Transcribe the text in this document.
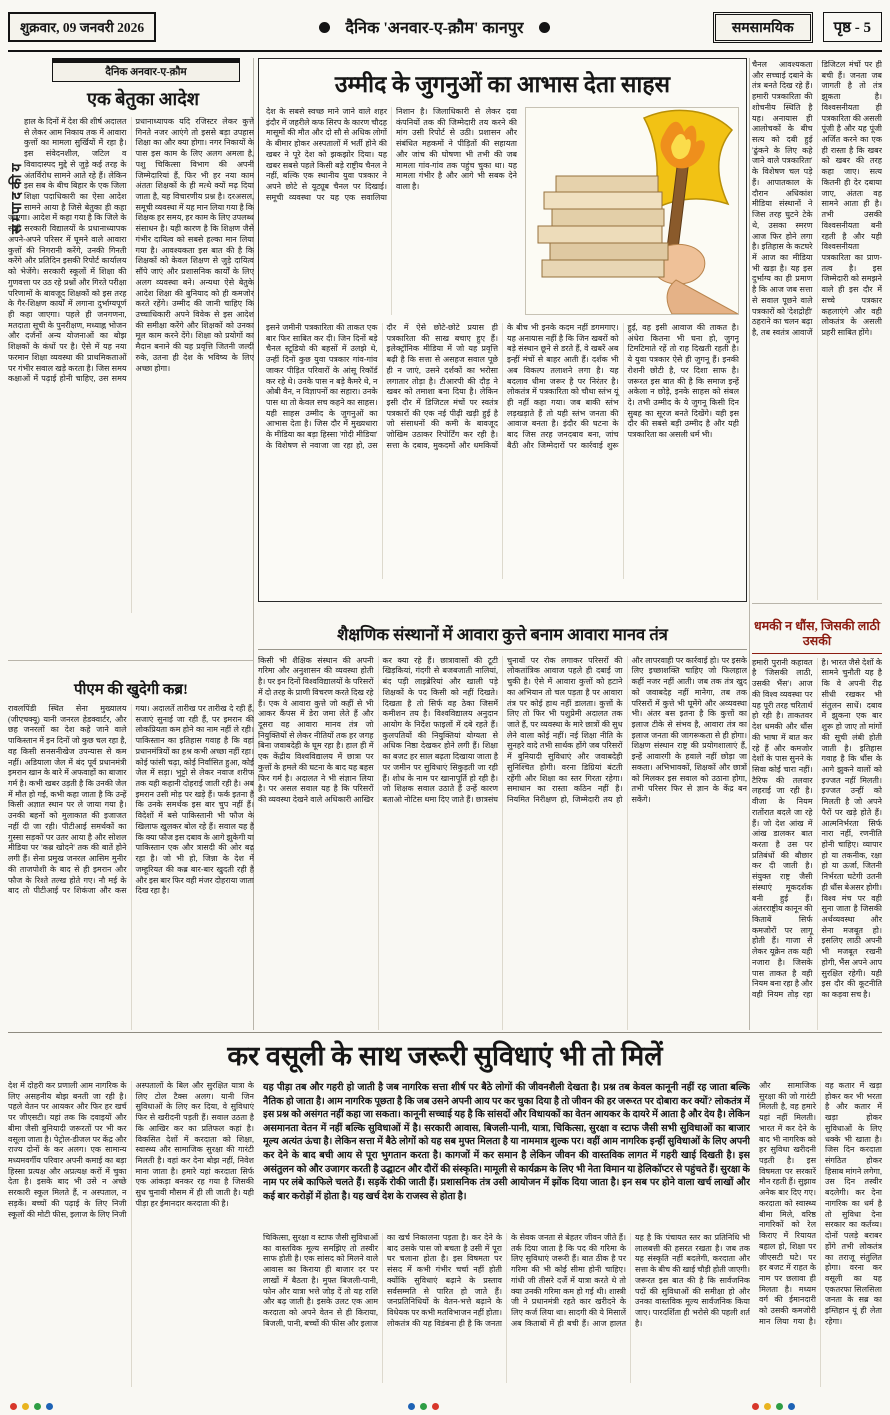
शुक्रवार, 09 जनवरी 2026	दैनिक 'अनवार-ए-क़ौम' कानपुर	समसामयिक	पृष्ठ - 5
सम्पादकीय
दैनिक अनवार-ए-क़ौम
एक बेतुका आदेश
हाल के दिनों में देश की शीर्ष अदालत से लेकर आम निकाय तक में आवारा कुत्तों का मामला सुर्खियों में रहा है। इस संवेदनशील, जटिल व विवादास्पद मुद्दे से जुड़े कई तरह के अंतर्विरोध सामने आते रहे हैं। लेकिन इस सब के बीच बिहार के एक जिला शिक्षा पदाधिकारी का ऐसा आदेश सामने आया है जिसे बेतुका ही कहा जाएगा। आदेश में कहा गया है कि जिले के सभी सरकारी विद्यालयों के प्रधानाध्यापक अपने-अपने परिसर में घूमने वाले आवारा कुत्तों की निगरानी करेंगे, उनकी गिनती करेंगे और प्रतिदिन इसकी रिपोर्ट कार्यालय को भेजेंगे। सरकारी स्कूलों में शिक्षा की गुणवत्ता पर उठ रहे प्रश्नों और गिरते परीक्षा परिणामों के बावजूद शिक्षकों को इस तरह के गैर-शिक्षण कार्यों में लगाना दुर्भाग्यपूर्ण ही कहा जाएगा। पहले ही जनगणना, मतदाता सूची के पुनरीक्षण, मध्याह्न भोजन और दर्जनों अन्य योजनाओं का बोझ शिक्षकों के कंधों पर है। ऐसे में यह नया फरमान शिक्षा व्यवस्था की प्राथमिकताओं पर गंभीर सवाल खड़े करता है। जिस समय कक्षाओं में पढ़ाई होनी चाहिए, उस समय प्रधानाध्यापक यदि रजिस्टर लेकर कुत्ते गिनते नजर आएंगे तो इससे बड़ा उपहास शिक्षा का और क्या होगा। नगर निकायों के पास इस काम के लिए अलग अमला है, पशु चिकित्सा विभाग की अपनी जिम्मेदारियां हैं, फिर भी हर नया काम अंततः शिक्षकों के ही मत्थे क्यों मढ़ दिया जाता है, यह विचारणीय प्रश्न है। दरअसल, समूची व्यवस्था में यह मान लिया गया है कि शिक्षक हर समय, हर काम के लिए उपलब्ध संसाधन है। यही कारण है कि शिक्षण जैसे गंभीर दायित्व को सबसे हल्का मान लिया गया है। आवश्यकता इस बात की है कि शिक्षकों को केवल शिक्षण से जुड़े दायित्व सौंपे जाएं और प्रशासनिक कार्यों के लिए अलग व्यवस्था बने। अन्यथा ऐसे बेतुके आदेश शिक्षा की बुनियाद को ही कमजोर करते रहेंगे। उम्मीद की जानी चाहिए कि उच्चाधिकारी अपने विवेक से इस आदेश की समीक्षा करेंगे और शिक्षकों को उनका मूल काम करने देंगे। शिक्षा को प्रयोगों का मैदान बनाने की यह प्रवृत्ति जितनी जल्दी रुके, उतना ही देश के भविष्य के लिए अच्छा होगा।
उम्मीद के जुगनुओं का आभास देता साहस
देश के सबसे स्वच्छ माने जाने वाले शहर इंदौर में जहरीले कफ सिरप के कारण चौदह मासूमों की मौत और दो सौ से अधिक लोगों के बीमार होकर अस्पतालों में भर्ती होने की खबर ने पूरे देश को झकझोर दिया। यह खबर सबसे पहले किसी बड़े राष्ट्रीय चैनल ने नहीं, बल्कि एक स्थानीय युवा पत्रकार ने अपने छोटे से यूट्यूब चैनल पर दिखाई। समूची व्यवस्था पर यह एक सवालिया निशान है। जिलाधिकारी से लेकर दवा कंपनियों तक की जिम्मेदारी तय करने की मांग उसी रिपोर्ट से उठी। प्रशासन और संबंधित महकमों ने पीड़ितों की सहायता और जांच की घोषणा भी तभी की जब मामला गांव-गांव तक पहुंच चुका था। यह मामला गंभीर है और आगे भी सबक देने वाला है।
इसने जमीनी पत्रकारिता की ताकत एक बार फिर साबित कर दी। जिन दिनों बड़े चैनल स्टूडियो की बहसों में उलझे थे, उन्हीं दिनों कुछ युवा पत्रकार गांव-गांव जाकर पीड़ित परिवारों के आंसू रिकॉर्ड कर रहे थे। उनके पास न बड़े कैमरे थे, न ओबी वैन, न विज्ञापनों का सहारा। उनके पास था तो केवल सच कहने का साहस। यही साहस उम्मीद के जुगनुओं का आभास देता है। जिस दौर में मुख्यधारा के मीडिया का बड़ा हिस्सा 'गोदी मीडिया' के विशेषण से नवाजा जा रहा हो, उस दौर में ऐसे छोटे-छोटे प्रयास ही पत्रकारिता की साख बचाए हुए हैं। इलेक्ट्रॉनिक मीडिया में जो यह प्रवृत्ति बढ़ी है कि सत्ता से असहज सवाल पूछे ही न जाएं, उसने दर्शकों का भरोसा लगातार तोड़ा है। टीआरपी की दौड़ ने खबर को तमाशा बना दिया है। लेकिन इसी दौर में डिजिटल मंचों पर स्वतंत्र पत्रकारों की एक नई पीढ़ी खड़ी हुई है जो संसाधनों की कमी के बावजूद जोखिम उठाकर रिपोर्टिंग कर रही है। सत्ता के दबाव, मुकदमों और धमकियों के बीच भी इनके कदम नहीं डगमगाए। यह अनायास नहीं है कि जिन खबरों को बड़े संस्थान छूने से डरते हैं, वे खबरें अब इन्हीं मंचों से बाहर आती हैं। दर्शक भी अब विकल्प तलाशने लगा है। यह बदलाव धीमा जरूर है पर निरंतर है। लोकतंत्र में पत्रकारिता को चौथा स्तंभ यूं ही नहीं कहा गया। जब बाकी स्तंभ लड़खड़ाते हैं तो यही स्तंभ जनता की आवाज बनता है। इंदौर की घटना के बाद जिस तरह जनदबाव बना, जांच बैठी और जिम्मेदारों पर कार्रवाई शुरू हुई, वह इसी आवाज की ताकत है। अंधेरा कितना भी घना हो, जुगनू टिमटिमाते रहें तो राह दिखती रहती है। ये युवा पत्रकार ऐसे ही जुगनू हैं। इनकी रोशनी छोटी है, पर दिशा साफ है। जरूरत इस बात की है कि समाज इन्हें अकेला न छोड़े, इनके साहस को संबल दे। तभी उम्मीद के ये जुगनू किसी दिन सुबह का सूरज बनते दिखेंगे। यही इस दौर की सबसे बड़ी उम्मीद है और यही पत्रकारिता का असली धर्म भी।
चैनल आवश्यकता और सच्चाई दबाने के तंत्र बनते दिख रहे हैं। हमारी पत्रकारिता की शोचनीय स्थिति है यह। अनायास ही आलोचकों के बीच सत्य को दबी हुई 'ढुंकने के लिए कहे जाने वाले पत्रकारिता' के विशेषण चल पड़े हैं। आपातकाल के दौरान अधिकांश मीडिया संस्थानों ने जिस तरह घुटने टेके थे, उसका स्मरण आज फिर होने लगा है। इतिहास के कटघरे में आज का मीडिया भी खड़ा है। यह इस दुर्भाग्य का ही प्रमाण है कि आज जब सत्ता से सवाल पूछने वाले पत्रकारों को 'देशद्रोही' ठहराने का चलन बढ़ा है, तब स्वतंत्र आवाजें डिजिटल मंचों पर ही बची हैं। जनता जब जागती है तो तंत्र झुकता है। विश्वसनीयता ही पत्रकारिता की असली पूंजी है और यह पूंजी अर्जित करने का एक ही रास्ता है कि खबर को खबर की तरह कहा जाए। सत्य कितनी ही देर दबाया जाए, अंततः वह सामने आता ही है। तभी उसकी विश्वसनीयता बनी रहती है और यही विश्वसनीयता पत्रकारिता का प्राण-तत्व है। इस जिम्मेदारी को समझने वाले ही इस दौर में सच्चे पत्रकार कहलाएंगे और वही लोकतंत्र के असली प्रहरी साबित होंगे।
धमकी न धौंस, जिसकी लाठी उसकी
हमारी पुरानी कहावत है 'जिसकी लाठी, उसकी भैंस'। आज की विश्व व्यवस्था पर यह पूरी तरह चरितार्थ हो रही है। ताकतवर देश धमकी और धौंस की भाषा में बात कर रहे हैं और कमजोर देशों के पास सुनने के सिवा कोई चारा नहीं। टैरिफ की तलवार लहराई जा रही है। वीजा के नियम रातोंरात बदले जा रहे हैं। जो देश आंख में आंख डालकर बात करता है उस पर प्रतिबंधों की बौछार कर दी जाती है। संयुक्त राष्ट्र जैसी संस्थाएं मूकदर्शक बनी हुई हैं। अंतरराष्ट्रीय कानून की किताबें सिर्फ कमजोरों पर लागू होती हैं। गाजा से लेकर यूक्रेन तक यही नजारा है। जिसके पास ताकत है वही नियम बना रहा है और वही नियम तोड़ रहा है। भारत जैसे देशों के सामने चुनौती यह है कि वे अपनी रीढ़ सीधी रखकर भी संतुलन साधें। दबाव में झुकना एक बार शुरू हो जाए तो मांगों की सूची लंबी होती जाती है। इतिहास गवाह है कि धौंस के आगे झुकने वालों को इज्जत नहीं मिलती। इज्जत उन्हीं को मिलती है जो अपने पैरों पर खड़े होते हैं। आत्मनिर्भरता सिर्फ नारा नहीं, रणनीति होनी चाहिए। व्यापार हो या तकनीक, रक्षा हो या ऊर्जा, जितनी निर्भरता घटेगी उतनी ही धौंस बेअसर होगी। विश्व मंच पर वही सुना जाता है जिसकी अर्थव्यवस्था और सेना मजबूत हो। इसलिए लाठी अपनी भी मजबूत रखनी होगी, भैंस अपने आप सुरक्षित रहेगी। यही इस दौर की कूटनीति का कड़वा सच है।
शैक्षणिक संस्थानों में आवारा कुत्ते बनाम आवारा मानव तंत्र
किसी भी शैक्षिक संस्थान की अपनी गरिमा और अनुशासन की व्यवस्था होती है। पर इन दिनों विश्वविद्यालयों के परिसरों में दो तरह के प्राणी विचरण करते दिख रहे हैं। एक वे आवारा कुत्ते जो कहीं से भी आकर कैंपस में डेरा जमा लेते हैं और दूसरा वह आवारा मानव तंत्र जो नियुक्तियों से लेकर नीतियों तक हर जगह बिना जवाबदेही के घूम रहा है। हाल ही में एक केंद्रीय विश्वविद्यालय में छात्रा पर कुत्तों के हमले की घटना के बाद यह बहस फिर गर्म है। अदालत ने भी संज्ञान लिया है। पर असल सवाल यह है कि परिसरों की व्यवस्था देखने वाले अधिकारी आखिर कर क्या रहे हैं। छात्रावासों की टूटी खिड़कियां, गंदगी से बजबजाती नालियां, बंद पड़ी लाइब्रेरियां और खाली पड़े शिक्षकों के पद किसी को नहीं दिखते। दिखता है तो सिर्फ वह ठेका जिसमें कमीशन तय है। विश्वविद्यालय अनुदान आयोग के निर्देश फाइलों में दबे रहते हैं। कुलपतियों की नियुक्तियां योग्यता से अधिक निष्ठा देखकर होने लगी हैं। शिक्षा का बजट हर साल बढ़ता दिखाया जाता है पर जमीन पर सुविधाएं सिकुड़ती जा रही हैं। शोध के नाम पर खानापूर्ति हो रही है। जो शिक्षक सवाल उठाते हैं उन्हें कारण बताओ नोटिस थमा दिए जाते हैं। छात्रसंघ चुनावों पर रोक लगाकर परिसरों की लोकतांत्रिक आवाज पहले ही दबाई जा चुकी है। ऐसे में आवारा कुत्तों को हटाने का अभियान तो चल पड़ता है पर आवारा तंत्र पर कोई हाथ नहीं डालता। कुत्तों के लिए तो फिर भी पशुप्रेमी अदालत तक जाते हैं, पर व्यवस्था के मारे छात्रों की सुध लेने वाला कोई नहीं। नई शिक्षा नीति के सुनहरे वादे तभी सार्थक होंगे जब परिसरों में बुनियादी सुविधाएं और जवाबदेही सुनिश्चित होगी। वरना डिग्रियां बंटती रहेंगी और शिक्षा का स्तर गिरता रहेगा। समाधान का रास्ता कठिन नहीं है। नियमित निरीक्षण हो, जिम्मेदारी तय हो और लापरवाही पर कार्रवाई हो। पर इसके लिए इच्छाशक्ति चाहिए जो फिलहाल कहीं नजर नहीं आती। जब तक तंत्र खुद को जवाबदेह नहीं मानेगा, तब तक परिसरों में कुत्ते भी घूमेंगे और अव्यवस्था भी। अंतर बस इतना है कि कुत्तों का इलाज टीके से संभव है, आवारा तंत्र का इलाज जनता की जागरूकता से ही होगा। शिक्षण संस्थान राष्ट्र की प्रयोगशालाएं हैं, इन्हें आवारगी के हवाले नहीं छोड़ा जा सकता। अभिभावकों, शिक्षकों और छात्रों को मिलकर इस सवाल को उठाना होगा, तभी परिसर फिर से ज्ञान के केंद्र बन सकेंगे।
पीएम की खुदेगी कब्र!
रावलपिंडी स्थित सेना मुख्यालय (जीएचक्यू) यानी जनरल हेडक्वार्टर, और छह जनरलों का देश कहे जाने वाले पाकिस्तान में इन दिनों जो कुछ चल रहा है, वह किसी सनसनीखेज उपन्यास से कम नहीं। अडियाला जेल में बंद पूर्व प्रधानमंत्री इमरान खान के बारे में अफवाहों का बाजार गर्म है। कभी खबर उड़ती है कि उनकी जेल में मौत हो गई, कभी कहा जाता है कि उन्हें किसी अज्ञात स्थान पर ले जाया गया है। उनकी बहनों को मुलाकात की इजाजत नहीं दी जा रही। पीटीआई समर्थकों का गुस्सा सड़कों पर उतर आया है और सोशल मीडिया पर 'कब्र खोदने' तक की बातें होने लगी हैं। सेना प्रमुख जनरल आसिम मुनीर की ताजपोशी के बाद से ही इमरान और फौज के रिश्ते तल्ख होते गए। नौ मई के बाद तो पीटीआई पर शिकंजा और कस गया। अदालतें तारीख पर तारीख दे रही हैं, सजाएं सुनाई जा रही हैं, पर इमरान की लोकप्रियता कम होने का नाम नहीं ले रही। पाकिस्तान का इतिहास गवाह है कि वहां प्रधानमंत्रियों का हश्र कभी अच्छा नहीं रहा। कोई फांसी चढ़ा, कोई निर्वासित हुआ, कोई जेल में सड़ा। भुट्टो से लेकर नवाज शरीफ तक यही कहानी दोहराई जाती रही है। अब इमरान उसी मोड़ पर खड़े हैं। फर्क इतना है कि उनके समर्थक इस बार चुप नहीं हैं। विदेशों में बसे पाकिस्तानी भी फौज के खिलाफ खुलकर बोल रहे हैं। सवाल यह है कि क्या फौज इस दबाव के आगे झुकेगी या पाकिस्तान एक और त्रासदी की ओर बढ़ रहा है। जो भी हो, जिन्ना के देश में जम्हूरियत की कब्र बार-बार खुदती रही है और इस बार फिर वही मंजर दोहराया जाता दिख रहा है।
कर वसूली के साथ जरूरी सुविधाएं भी तो मिलें
देश में दोहरी कर प्रणाली आम नागरिक के लिए असहनीय बोझ बनती जा रही है। पहले वेतन पर आयकर और फिर हर खर्च पर जीएसटी। यहां तक कि दवाइयों और बीमा जैसी बुनियादी जरूरतों पर भी कर वसूला जाता है। पेट्रोल-डीजल पर केंद्र और राज्य दोनों के कर अलग। एक सामान्य मध्यमवर्गीय परिवार अपनी कमाई का बड़ा हिस्सा प्रत्यक्ष और अप्रत्यक्ष करों में चुका देता है। इसके बाद भी उसे न अच्छे सरकारी स्कूल मिलते हैं, न अस्पताल, न सड़कें। बच्चों की पढ़ाई के लिए निजी स्कूलों की मोटी फीस, इलाज के लिए निजी अस्पतालों के बिल और सुरक्षित यात्रा के लिए टोल टैक्स अलग। यानी जिन सुविधाओं के लिए कर दिया, वे सुविधाएं फिर से खरीदनी पड़ती हैं। सवाल उठता है कि आखिर कर का प्रतिफल कहां है। विकसित देशों में करदाता को शिक्षा, स्वास्थ्य और सामाजिक सुरक्षा की गारंटी मिलती है। वहां कर देना बोझ नहीं, निवेश माना जाता है। हमारे यहां करदाता सिर्फ एक आंकड़ा बनकर रह गया है जिसकी सुध चुनावी मौसम में ही ली जाती है। यही पीड़ा हर ईमानदार करदाता की है।
यह पीड़ा तब और गहरी हो जाती है जब नागरिक सत्ता शीर्ष पर बैठे लोगों की जीवनशैली देखता है। प्रश्न तब केवल कानूनी नहीं रह जाता बल्कि नैतिक हो जाता है। आम नागरिक पूछता है कि जब उसने अपनी आय पर कर चुका दिया है तो जीवन की हर जरूरत पर दोबारा कर क्यों? लोकतंत्र में इस प्रश्न को असंगत नहीं कहा जा सकता। कानूनी सच्चाई यह है कि सांसदों और विधायकों का वेतन आयकर के दायरे में आता है और देय है। लेकिन असमानता वेतन में नहीं बल्कि सुविधाओं में है। सरकारी आवास, बिजली-पानी, यात्रा, चिकित्सा, सुरक्षा व स्टाफ जैसी सभी सुविधाओं का बाजार मूल्य अत्यंत ऊंचा है। लेकिन सत्ता में बैठे लोगों को यह सब मुफ्त मिलता है या नाममात्र शुल्क पर। वहीं आम नागरिक इन्हीं सुविधाओं के लिए अपनी कर देने के बाद बची आय से पूरा भुगतान करता है। कागजों में कर समान है लेकिन जीवन की वास्तविक लागत में गहरी खाई दिखती है। इस असंतुलन को और उजागर करती है उद्घाटन और दौरों की संस्कृति। मामूली से कार्यक्रम के लिए भी नेता विमान या हेलिकॉप्टर से पहुंचते हैं। सुरक्षा के नाम पर लंबे काफिले चलते हैं। सड़कें रोकी जाती हैं। प्रशासनिक तंत्र उसी आयोजन में झोंक दिया जाता है। इन सब पर होने वाला खर्च लाखों और कई बार करोड़ों में होता है। यह खर्च देश के राजस्व से होता है।
चिकित्सा, सुरक्षा व स्टाफ जैसी सुविधाओं का वास्तविक मूल्य समझिए तो तस्वीर साफ होती है। एक सांसद को मिलने वाले आवास का किराया ही बाजार दर पर लाखों में बैठता है। मुफ्त बिजली-पानी, फोन और यात्रा भत्ते जोड़ दें तो यह राशि और बढ़ जाती है। इसके उलट एक आम करदाता को अपने वेतन से ही किराया, बिजली, पानी, बच्चों की फीस और इलाज का खर्च निकालना पड़ता है। कर देने के बाद उसके पास जो बचता है उसी में पूरा घर चलाना होता है। इस विषमता पर संसद में कभी गंभीर चर्चा नहीं होती क्योंकि सुविधाएं बढ़ाने के प्रस्ताव सर्वसम्मति से पारित हो जाते हैं। जनप्रतिनिधियों के वेतन-भत्ते बढ़ाने के विधेयक पर कभी मतविभाजन नहीं होता। लोकतंत्र की यह विडंबना ही है कि जनता के सेवक जनता से बेहतर जीवन जीते हैं। तर्क दिया जाता है कि पद की गरिमा के लिए सुविधाएं जरूरी हैं। बात ठीक है पर गरिमा की भी कोई सीमा होनी चाहिए। गांधी जी तीसरे दर्जे में यात्रा करते थे तो क्या उनकी गरिमा कम हो गई थी। शास्त्री जी ने प्रधानमंत्री रहते कार खरीदने के लिए कर्ज लिया था। सादगी की ये मिसालें अब किताबों में ही बची हैं। आज हालत यह है कि पंचायत स्तर का प्रतिनिधि भी लालबत्ती की हसरत रखता है। जब तक यह संस्कृति नहीं बदलेगी, करदाता और सत्ता के बीच की खाई चौड़ी होती जाएगी। जरूरत इस बात की है कि सार्वजनिक पदों की सुविधाओं की समीक्षा हो और उनका वास्तविक मूल्य सार्वजनिक किया जाए। पारदर्शिता ही भरोसे की पहली शर्त है।
और सामाजिक सुरक्षा की जो गारंटी मिलती है, वह हमारे यहां नहीं मिलती। भारत में कर देने के बाद भी नागरिक को हर सुविधा खरीदनी पड़ती है। इस विषमता पर सरकारें मौन रहती हैं। सुझाव अनेक बार दिए गए। करदाता को स्वास्थ्य बीमा मिले, वरिष्ठ नागरिकों को रेल किराए में रियायत बहाल हो, शिक्षा पर जीएसटी घटे। पर हर बजट में राहत के नाम पर छलावा ही मिलता है। मध्यम वर्ग की ईमानदारी को उसकी कमजोरी मान लिया गया है। वह कतार में खड़ा होकर कर भी भरता है और कतार में खड़ा होकर सुविधाओं के लिए धक्के भी खाता है। जिस दिन करदाता संगठित होकर हिसाब मांगने लगेगा, उस दिन तस्वीर बदलेगी। कर देना नागरिक का धर्म है तो सुविधा देना सरकार का कर्तव्य। दोनों पलड़े बराबर होंगे तभी लोकतंत्र का तराजू संतुलित होगा। वरना कर वसूली का यह एकतरफा सिलसिला जनता के सब्र का इम्तिहान यूं ही लेता रहेगा।
